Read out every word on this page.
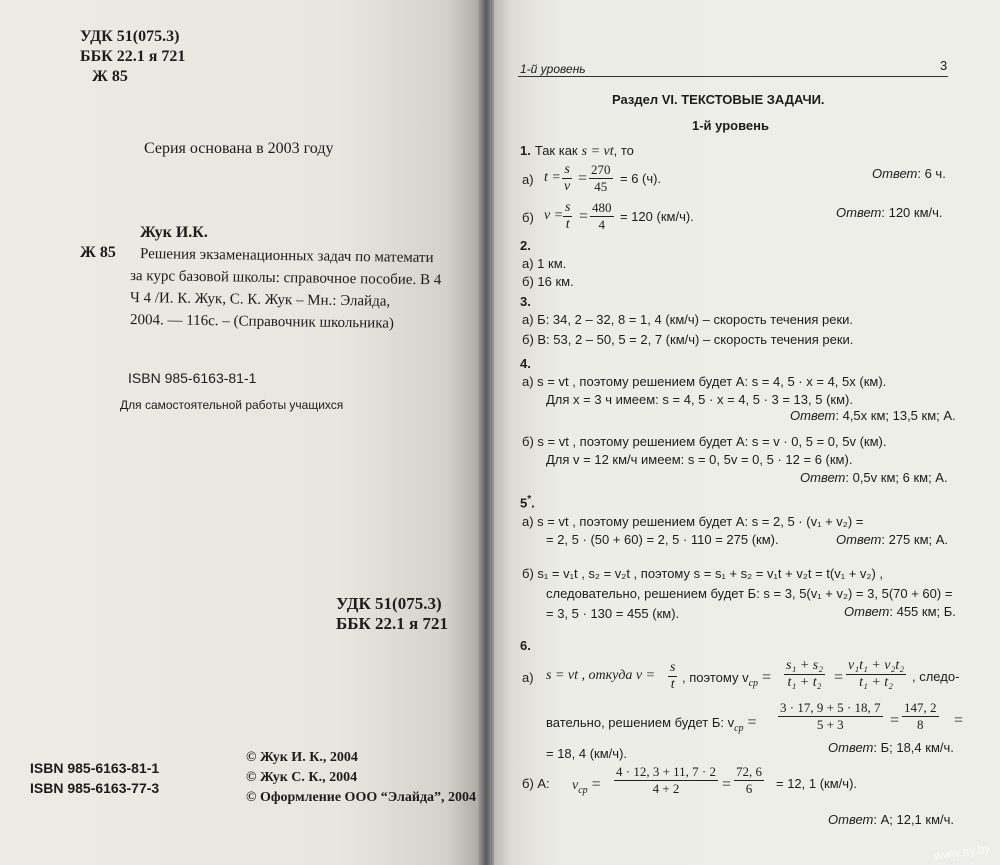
УДК 51(075.3)
ББК 22.1 я 721
Ж 85
Серия основана в 2003 году
Жук И.К.
Ж 85 Решения экзаменационных задач по математи
за курс базовой школы: справочное пособие. В 4
Ч 4 /И. К. Жук, С. К. Жук – Мн.: Элайда,
2004. — 116с. – (Справочник школьника)
ISBN 985-6163-81-1
Для самостоятельной работы учащихся
УДК 51(075.3)
ББК 22.1 я 721
ISBN 985-6163-81-1
ISBN 985-6163-77-3
© Жук И. К., 2004
© Жук С. К., 2004
© Оформление ООО “Элайда”, 2004
1-й уровень	3
Раздел VI. ТЕКСТОВЫЕ ЗАДАЧИ.
1-й уровень
1. Так как s = vt, то
а) $t = \frac{s}{v} = \frac{270}{45} = 6$ (ч).	Ответ: 6 ч.
б) $v = \frac{s}{t} = \frac{480}{4} = 120$ (км/ч).	Ответ: 120 км/ч.
2.
а) 1 км.
б) 16 км.
3.
а) Б: 34, 2 – 32, 8 = 1, 4 (км/ч) – скорость течения реки.
б) В: 53, 2 – 50, 5 = 2, 7 (км/ч) – скорость течения реки.
4.
а) s = vt , поэтому решением будет А: s = 4, 5 · x = 4, 5x (км).
Для x = 3 ч имеем: s = 4, 5 · x = 4, 5 · 3 = 13, 5 (км).
Ответ: 4,5x км; 13,5 км; А.
б) s = vt , поэтому решением будет А: s = v · 0, 5 = 0, 5v (км).
Для v = 12 км/ч имеем: s = 0, 5v = 0, 5 · 12 = 6 (км).
Ответ: 0,5v км; 6 км; А.
5*.
а) s = vt , поэтому решением будет А: s = 2, 5 · (v₁ + v₂) =
= 2, 5 · (50 + 60) = 2, 5 · 110 = 275 (км).	Ответ: 275 км; А.
б) s₁ = v₁t , s₂ = v₂t , поэтому s = s₁ + s₂ = v₁t + v₂t = t(v₁ + v₂) ,
следовательно, решением будет Б: s = 3, 5(v₁ + v₂) = 3, 5(70 + 60) =
= 3, 5 · 130 = 455 (км).	Ответ: 455 км; Б.
6.
а) s = vt , откуда $v = \frac{s}{t}$ , поэтому $v_{ср} = \frac{\text{s₁ + s₂}}{\text{t₁ + t₂}} = \frac{\text{v₁t₁ + v₂t₂}}{\text{t₁ + t₂}}$ , следо-
вательно, решением будет Б: $v_{ср} = \frac{3 \cdot 17, 9 + 5 \cdot 18, 7}{5 + 3} = \frac{147, 2}{8}$ =
= 18, 4 (км/ч).	Ответ: Б; 18,4 км/ч.
б) А: $v_{ср} = \frac{4 \cdot 12, 3 + 11, 7 \cdot 2}{4 + 2} = \frac{72, 6}{6} = 12$, 1 (км/ч).
Ответ: А; 12,1 км/ч.
www.ay.by
